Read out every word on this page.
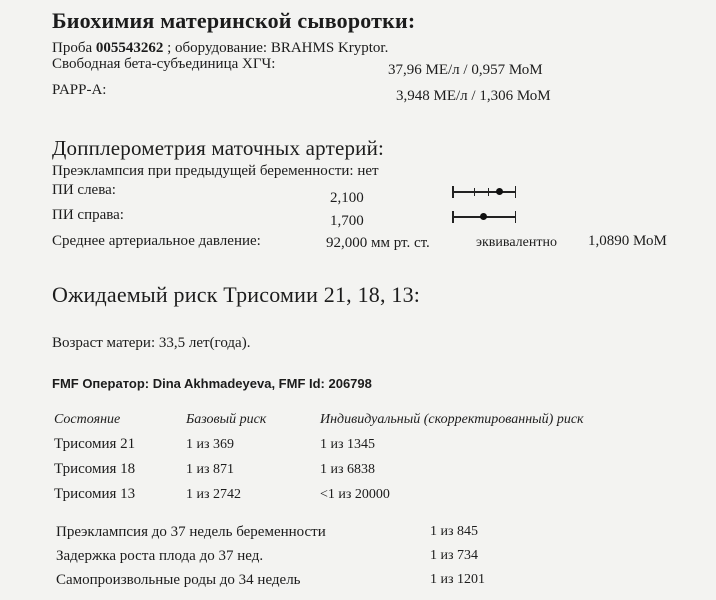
Биохимия материнской сыворотки:
Проба 005543262 ; оборудование: BRAHMS Kryptor.
Свободная бета-субъединица ХГЧ:	37,96 МЕ/л / 0,957 МоМ
PAPP-A:	3,948 МЕ/л / 1,306 МоМ
Допплерометрия маточных артерий:
Преэклампсия при предыдущей беременности: нет
ПИ слева:	2,100
ПИ справа:	1,700
Среднее артериальное давление:	92,000 мм рт. ст.	эквивалентно 1,0890 МоМ
Ожидаемый риск Трисомии 21, 18, 13:
Возраст матери: 33,5 лет(года).
FMF Оператор: Dina Akhmadeyeva, FMF Id: 206798
Состояние	Базовый риск	Индивидуальный (скорректированный) риск
Трисомия 21	1 из 369	1 из 1345
Трисомия 18	1 из 871	1 из 6838
Трисомия 13	1 из 2742	<1 из 20000
Преэклампсия до 37 недель беременности	1 из 845
Задержка роста плода до 37 нед.	1 из 734
Самопроизвольные роды до 34 недель	1 из 1201
